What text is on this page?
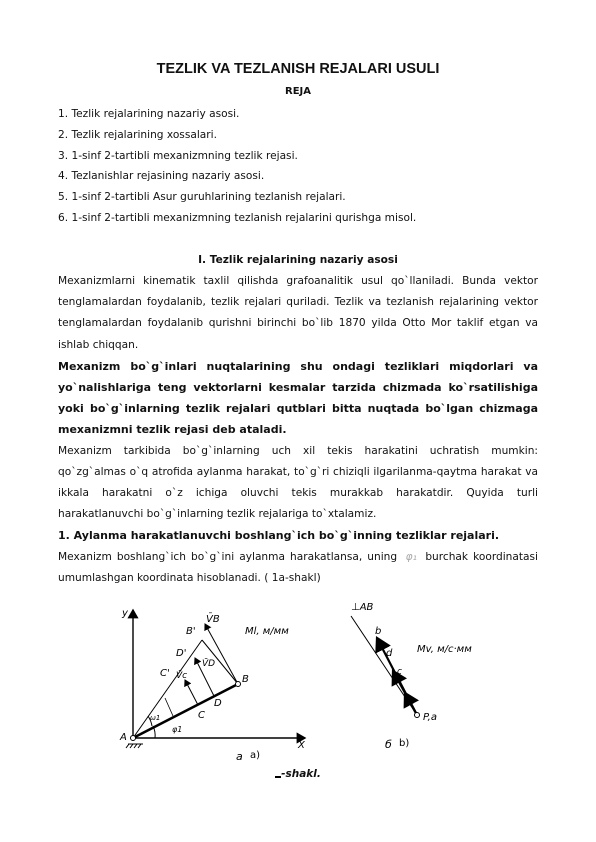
TEZLIK VA TEZLANISH REJALARI USULI
REJA
1. Tezlik rejalarining nazariy asosi.
2. Tezlik rejalarining xossalari.
3. 1-sinf 2-tartibli mexanizmning tezlik rejasi.
4. Tezlanishlar rejasining nazariy asosi.
5. 1-sinf 2-tartibli Asur guruhlarining tezlanish rejalari.
6. 1-sinf 2-tartibli mexanizmning tezlanish rejalarini qurishga misol.
I. Tezlik rejalarining nazariy asosi

Mexanizmlarni kinematik taxlil qilishda grafoanalitik usul qo`llaniladi. Bunda vektor tenglamalardan foydalanib, tezlik rejalari quriladi. Tezlik va tezlanish rejalarining vektor tenglamalardan foydalanib qurishni birinchi bo`lib 1870 yilda Otto Mor taklif etgan va ishlab chiqqan.

Mexanizm bo`g`inlari nuqtalarining shu ondagi tezliklari miqdorlari va yo`nalishlariga teng vektorlarni kesmalar tarzida chizmada ko`rsatilishiga yoki bo`g`inlarning tezlik rejalari qutblari bitta nuqtada bo`lgan chizmaga mexanizmni tezlik rejasi deb ataladi.

Mexanizm tarkibida bo`g`inlarning uch xil tekis harakatini uchratish mumkin: qo`zg`almas o`q atrofida aylanma harakat, to`g`ri chiziqli ilgarilanma-qaytma harakat va ikkala harakatni o`z ichiga oluvchi tekis murakkab harakatdir. Quyida turli harakatlanuvchi bo`g`inlarning tezlik rejalariga to`xtalamiz.

1. Aylanma harakatlanuvchi boshlang`ich bo`g`inning tezliklar rejalari.

Mexanizm boshlang`ich bo`g`ini aylanma harakatlansa, uning φ₁ burchak koordinatasi umumlashgan koordinata hisoblanadi. ( 1a-shakl)

y
X
A
B
C
D
C'
D'
B'
V̄B
V̄c
V̄D
Ml, м/мм
φ1
ω1
a a)
⊥AB
b
d
c
P,a
Mv, м/с·мм
б b)
-shakl.
